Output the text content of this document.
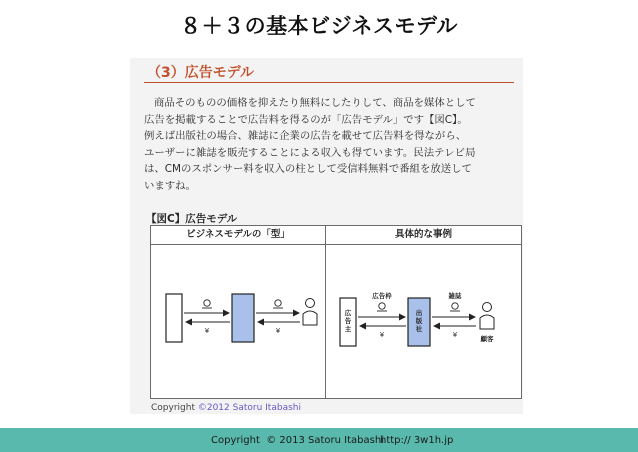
８＋３の基本ビジネスモデル
（3）広告モデル
商品そのものの価格を抑えたり無料にしたりして、商品を媒体として
広告を掲載することで広告料を得るのが「広告モデル」です【図C】。
例えば出版社の場合、雑誌に企業の広告を載せて広告料を得ながら、
ユーザーに雑誌を販売することによる収入も得ています。民法テレビ局
は、CMのスポンサー料を収入の柱として受信料無料で番組を放送して
いますね。
【図C】広告モデル
ビジネスモデルの「型」	具体的な事例
¥	¥
広
告
主
出
版
社
広告枠
¥
雑誌
¥	顧客
Copyright ©2012 Satoru Itabashi
Copyright  © 2013 Satoru Itabashi
http:// 3w1h.jp
